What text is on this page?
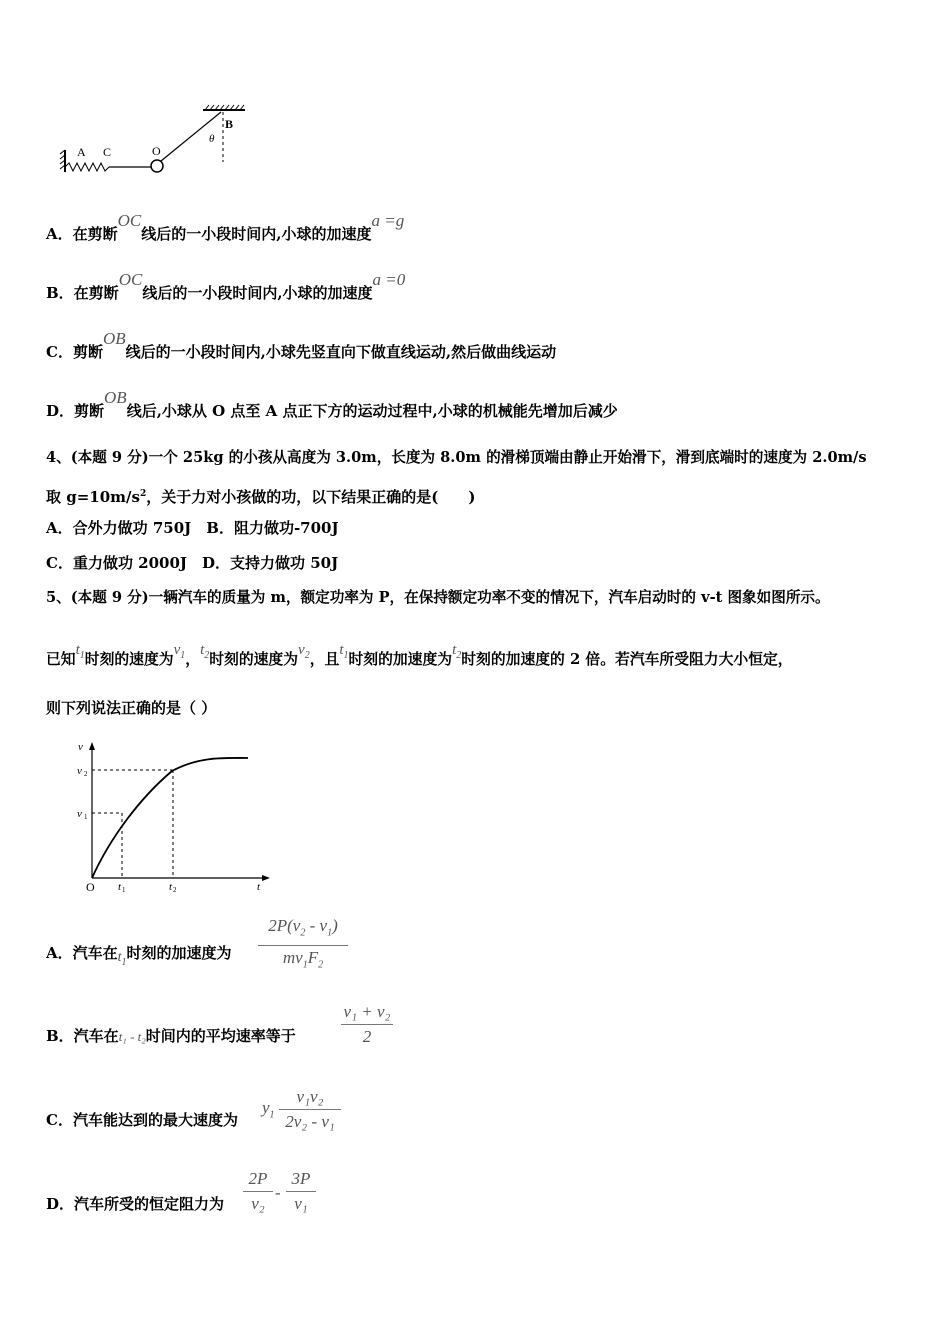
A C	O
B
θ
A．在剪断OC线后的一小段时间内,小球的加速度a =g
B．在剪断OC线后的一小段时间内,小球的加速度a =0
C．剪断OB线后的一小段时间内,小球先竖直向下做直线运动,然后做曲线运动
D．剪断OB线后,小球从 O 点至 A 点正下方的运动过程中,小球的机械能先增加后减少
4、(本题 9 分)一个 25kg 的小孩从高度为 3.0m，长度为 8.0m 的滑梯顶端由静止开始滑下，滑到底端时的速度为 2.0m/s
取 $g=10m/s^2$，关于力对小孩做的功，以下结果正确的是(　　)
A．合外力做功 750J　B．阻力做功-700J
C．重力做功 2000J　D．支持力做功 50J
5、(本题 9 分)一辆汽车的质量为 m，额定功率为 P，在保持额定功率不变的情况下，汽车启动时的 v-t 图象如图所示。
已知$t_1$时刻的速度为$v_1$，$t_2$时刻的速度为$v_2$，且$t_1$时刻的加速度为$t_2$时刻的加速度的 2 倍。若汽车所受阻力大小恒定，
则下列说法正确的是（ ）
v
v 2
v 1
O t 1	t 2	t
A．汽车在$t_1$时刻的加速度为
$2P(v_2 - v_1)$
$mv_1F_2$
B．汽车在t₁ - t₂时间内的平均速率等于
v₁ + v₂
2
C．汽车能达到的最大速度为
$y_1$
v₁v₂
2v₂ - v₁
D．汽车所受的恒定阻力为
2P
v₂
-
3P
v₁
